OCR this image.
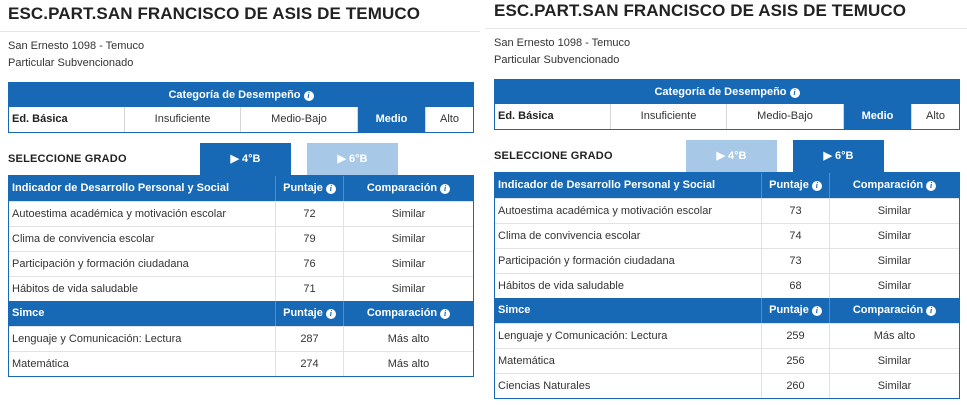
ESC.PART.SAN FRANCISCO DE ASIS DE TEMUCO
San Ernesto 1098 - Temuco
Particular Subvencionado
Categoría de Desempeño i
Ed. Básica	Insuficiente	Medio-Bajo	Medio	Alto
SELECCIONE GRADO	▶ 4°B	▶ 6°B
Indicador de Desarrollo Personal y Social	Puntaje i	Comparación i
Autoestima académica y motivación escolar	72	Similar
Clima de convivencia escolar	79	Similar
Participación y formación ciudadana	76	Similar
Hábitos de vida saludable	71	Similar
Simce	Puntaje i	Comparación i
Lenguaje y Comunicación: Lectura	287	Más alto
Matemática	274	Más alto
ESC.PART.SAN FRANCISCO DE ASIS DE TEMUCO
San Ernesto 1098 - Temuco
Particular Subvencionado
Categoría de Desempeño i
Ed. Básica	Insuficiente	Medio-Bajo	Medio	Alto
SELECCIONE GRADO	▶ 4°B	▶ 6°B
Indicador de Desarrollo Personal y Social	Puntaje i	Comparación i
Autoestima académica y motivación escolar	73	Similar
Clima de convivencia escolar	74	Similar
Participación y formación ciudadana	73	Similar
Hábitos de vida saludable	68	Similar
Simce	Puntaje i	Comparación i
Lenguaje y Comunicación: Lectura	259	Más alto
Matemática	256	Similar
Ciencias Naturales	260	Similar
